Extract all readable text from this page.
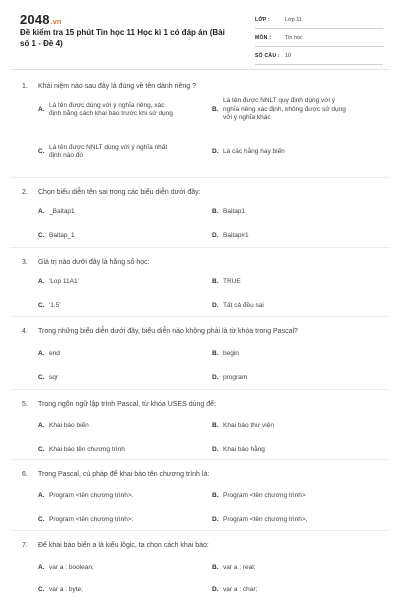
2048.vn
Đề kiểm tra 15 phút Tin học 11 Học kì 1 có đáp án (Bài số 1 - Đề 4)
LỚP :	Lớp 11
MÔN :	Tin học
SỐ CÂU : 10
1. Khái niệm nào sau đây là đúng về tên dành riêng ?
A.
Là tên được dùng với ý nghĩa riêng, xác
định bằng cách khai báo trước khi sử dụng
B.
Là tên được NNLT quy định dùng với ý
nghĩa riêng xác định, không được sử dụng
với ý nghĩa khác
C.
Là tên được NNLT dùng với ý nghĩa nhất
định nào đó
D. Là các hằng hay biến
2. Chọn biểu diễn tên sai trong các biểu diễn dưới đây:
A. _Baitap1	B. Baitap1
C. Baitap_1	D. Baitap#1
3. Giá trị nào dưới đây là hằng số học:
A. 'Lop 11A1'	B. TRUE
C. '1.5'	D. Tất cả đều sai
4. Trong những biểu diễn dưới đây, biểu diễn nào không phải là từ khóa trong Pascal?
A. end	B. begin
C. sqr	D. program
5. Trong ngôn ngữ lập trình Pascal, từ khóa USES dùng để:
A. Khai báo biến	B. Khai báo thư viện
C. Khai báo tên chương trình	D. Khai báo hằng
6. Trong Pascal, cú pháp để khai báo tên chương trình là:
A. Program <tên chương trình>.	B. Program <tên chương trình>
C. Program <tên chương trình>;	D. Program <tên chương trình>,
7. Để khai báo biến a là kiểu lôgic, ta chọn cách khai báo:
A. var a : boolean;	B. var a : real;
C. var a : byte;	D. var a : char;
